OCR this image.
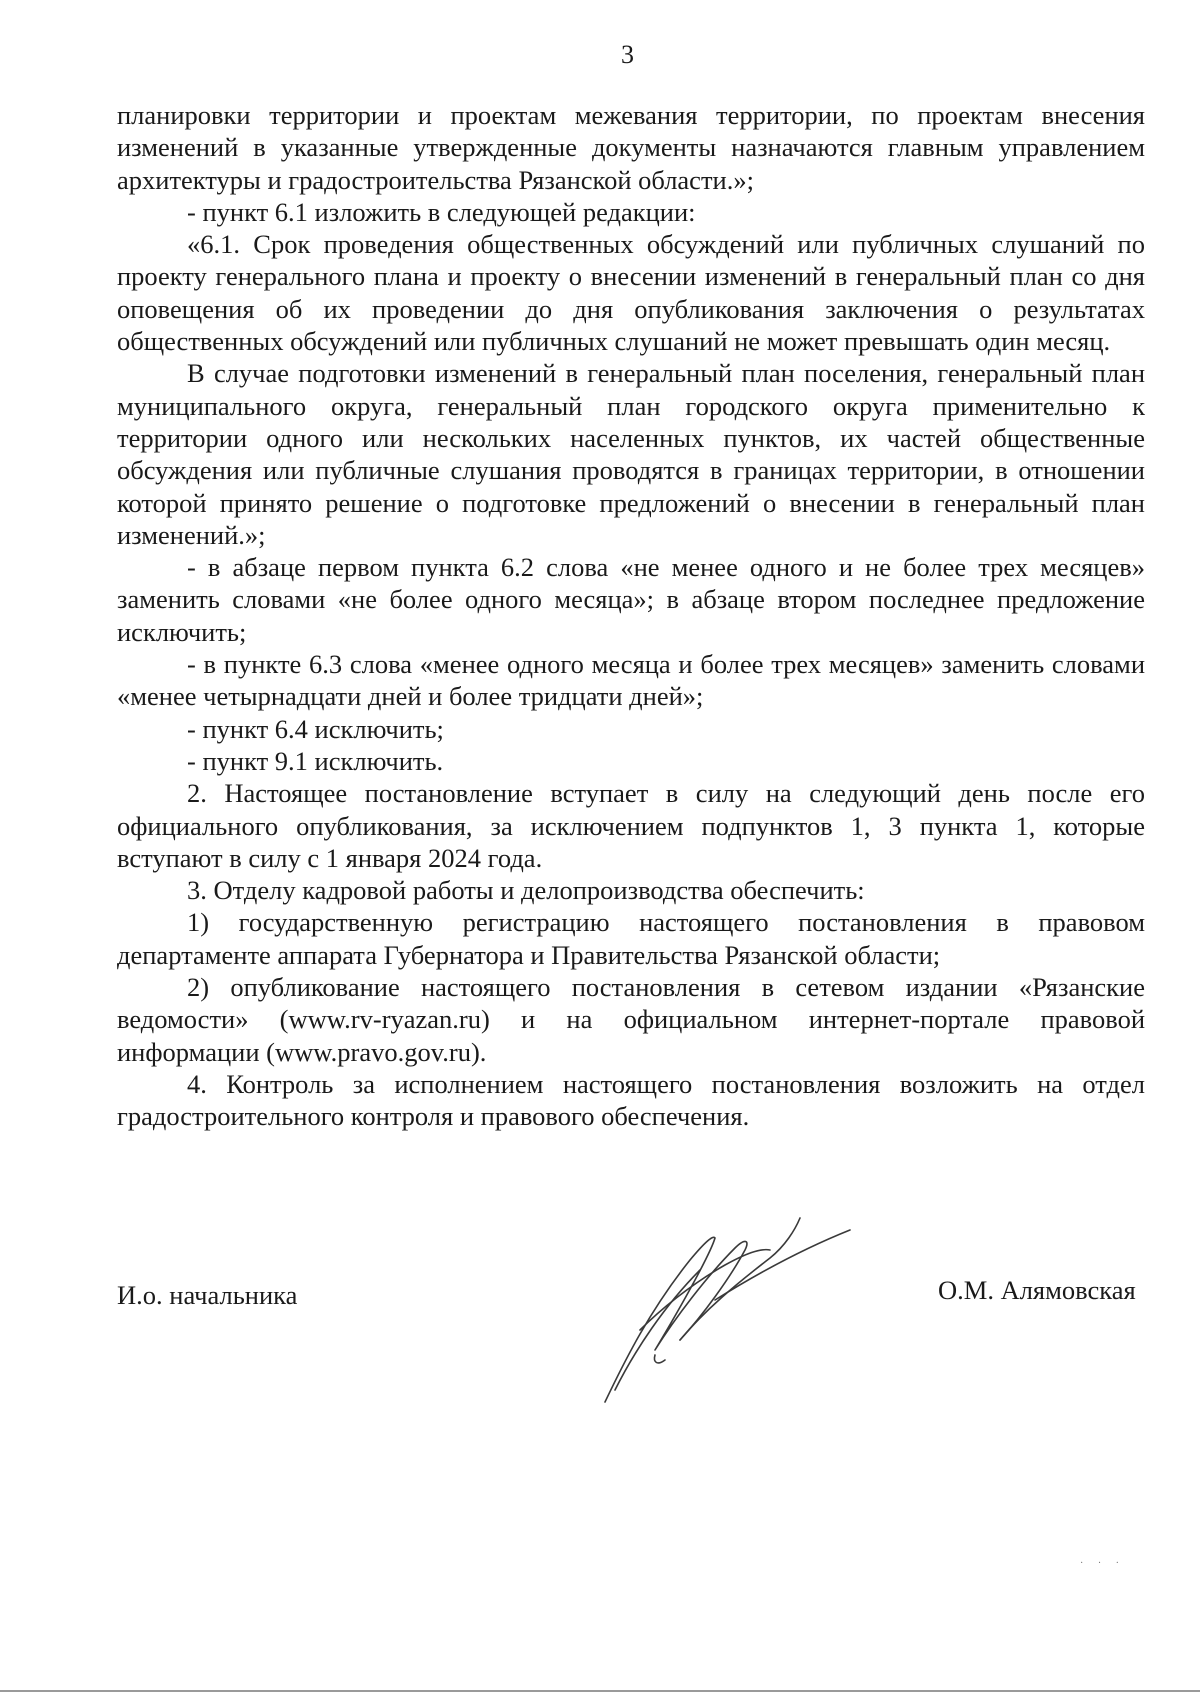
3

планировки территории и проектам межевания территории, по проектам внесения изменений в указанные утвержденные документы назначаются главным управлением архитектуры и градостроительства Рязанской области.»;

- пункт 6.1 изложить в следующей редакции:

«6.1. Срок проведения общественных обсуждений или публичных слушаний по проекту генерального плана и проекту о внесении изменений в генеральный план со дня оповещения об их проведении до дня опубликования заключения о результатах общественных обсуждений или публичных слушаний не может превышать один месяц.

В случае подготовки изменений в генеральный план поселения, генеральный план муниципального округа, генеральный план городского округа применительно к территории одного или нескольких населенных пунктов, их частей общественные обсуждения или публичные слушания проводятся в границах территории, в отношении которой принято решение о подготовке предложений о внесении в генеральный план изменений.»;

- в абзаце первом пункта 6.2 слова «не менее одного и не более трех месяцев» заменить словами «не более одного месяца»; в абзаце втором последнее предложение исключить;

- в пункте 6.3 слова «менее одного месяца и более трех месяцев» заменить словами «менее четырнадцати дней и более тридцати дней»;

- пункт 6.4 исключить;

- пункт 9.1 исключить.

2. Настоящее постановление вступает в силу на следующий день после его официального опубликования, за исключением подпунктов 1, 3 пункта 1, которые вступают в силу с 1 января 2024 года.

3. Отделу кадровой работы и делопроизводства обеспечить:

1) государственную регистрацию настоящего постановления в правовом департаменте аппарата Губернатора и Правительства Рязанской области;

2) опубликование настоящего постановления в сетевом издании «Рязанские ведомости» (www.rv-ryazan.ru) и на официальном интернет-портале правовой информации (www.pravo.gov.ru).

4. Контроль за исполнением настоящего постановления возложить на отдел градостроительного контроля и правового обеспечения.

И.о. начальника	О.М. Алямовская
· · ·
